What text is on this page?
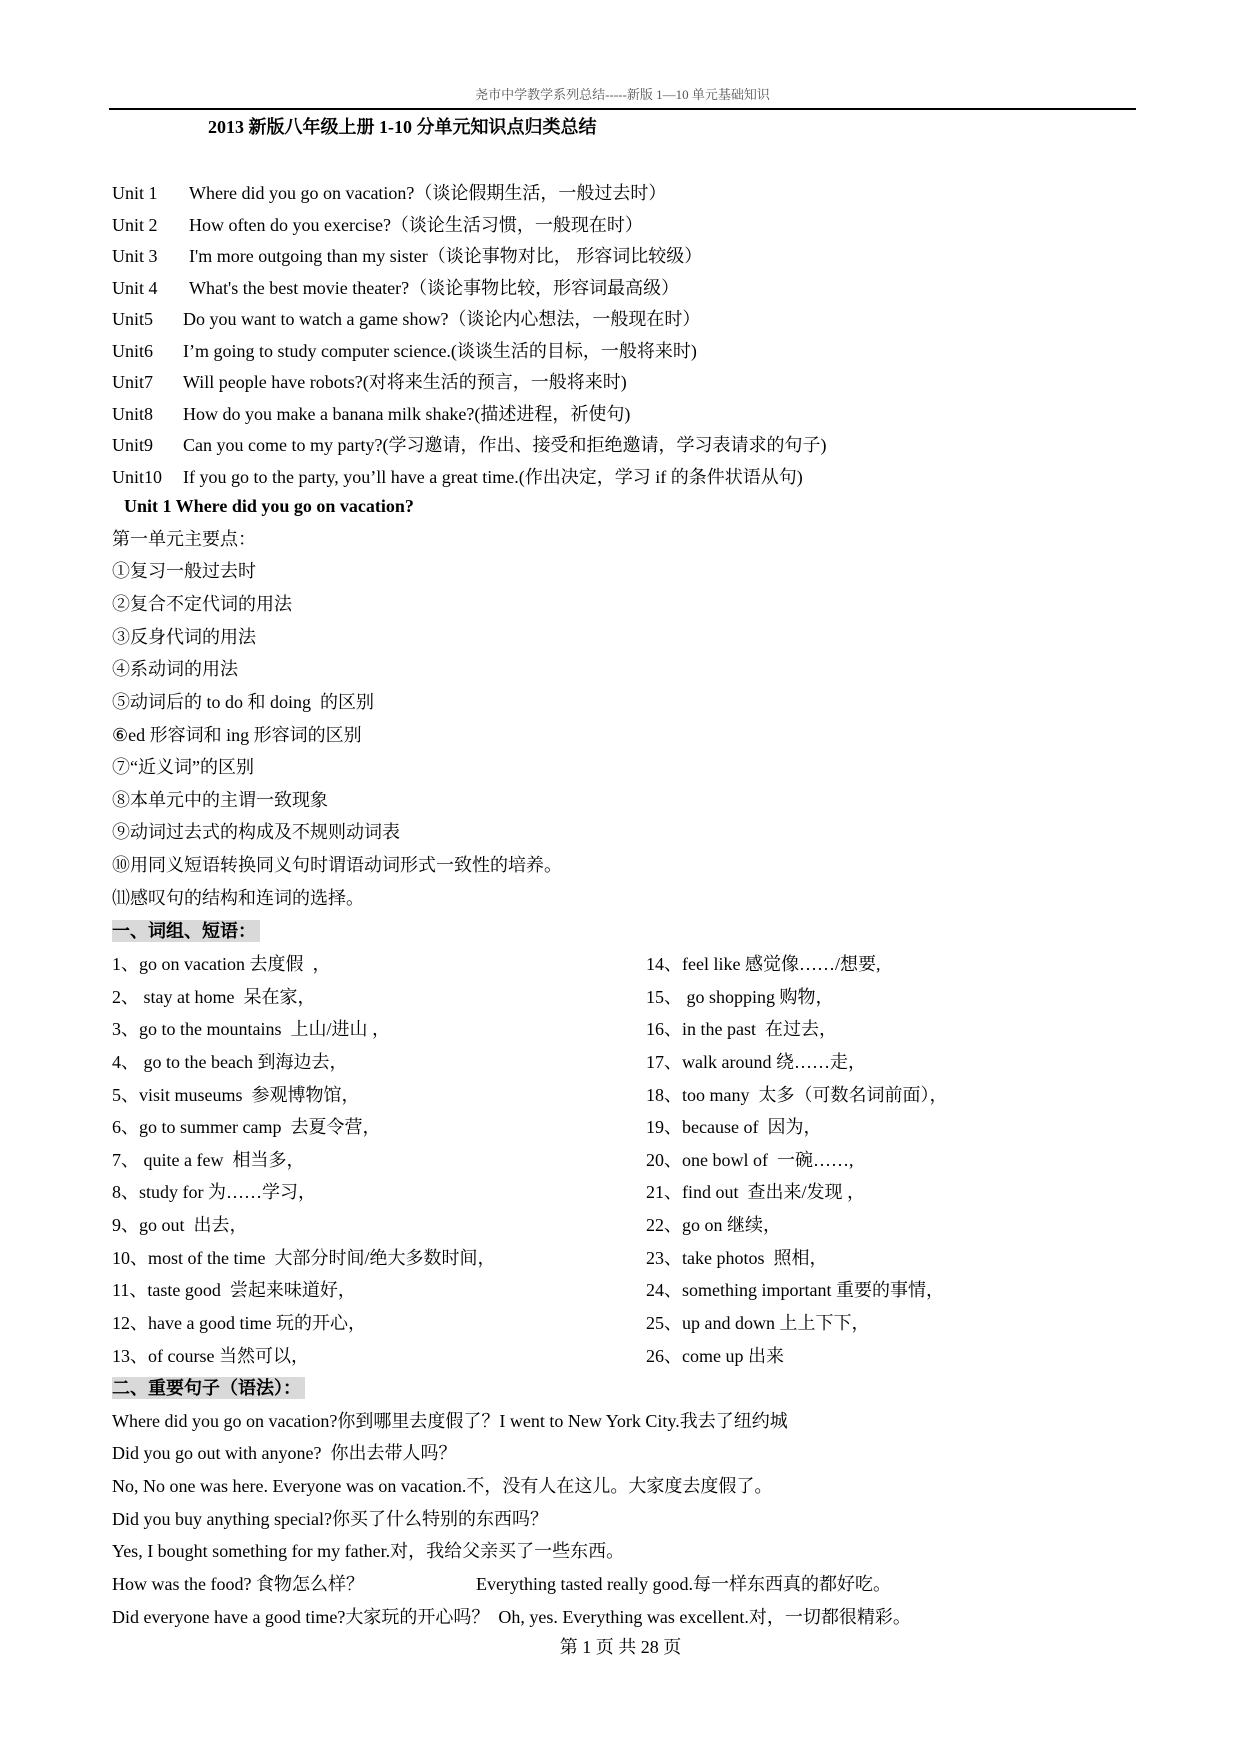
尧市中学教学系列总结-----新版 1—10 单元基础知识
2013 新版八年级上册 1-10 分单元知识点归类总结
Unit 1 Where did you go on vacation?（谈论假期生活，一般过去时）
Unit 2 How often do you exercise?（谈论生活习惯，一般现在时）
Unit 3 I'm more outgoing than my sister（谈论事物对比， 形容词比较级）
Unit 4 What's the best movie theater?（谈论事物比较，形容词最高级）
Unit5 Do you want to watch a game show?（谈论内心想法，一般现在时）
Unit6 I’m going to study computer science.(谈谈生活的目标，一般将来时)
Unit7 Will people have robots?(对将来生活的预言，一般将来时)
Unit8 How do you make a banana milk shake?(描述进程，祈使句)
Unit9 Can you come to my party?(学习邀请，作出、接受和拒绝邀请，学习表请求的句子)
Unit10 If you go to the party, you’ll have a great time.(作出决定，学习 if 的条件状语从句)
Unit 1 Where did you go on vacation?
第一单元主要点：
①复习一般过去时
②复合不定代词的用法
③反身代词的用法
④系动词的用法
⑤动词后的 to do 和 doing  的区别
⑥ed 形容词和 ing 形容词的区别
⑦“近义词”的区别
⑧本单元中的主谓一致现象
⑨动词过去式的构成及不规则动词表
⑩用同义短语转换同义句时谓语动词形式一致性的培养。
⑾感叹句的结构和连词的选择。
一、词组、短语：
1、go on vacation 去度假  ，
2、 stay at home  呆在家，
3、go to the mountains  上山/进山 ，
4、 go to the beach 到海边去，
5、visit museums  参观博物馆，
6、go to summer camp  去夏令营，
7、 quite a few  相当多，
8、study for 为……学习，
9、go out  出去，
10、most of the time  大部分时间/绝大多数时间，
11、taste good  尝起来味道好，
12、have a good time 玩的开心，
13、of course 当然可以，
14、feel like 感觉像……/想要,
15、 go shopping 购物，
16、in the past  在过去，
17、walk around 绕……走，
18、too many  太多（可数名词前面），
19、because of  因为，
20、one bowl of  一碗……,
21、find out  查出来/发现 ，
22、go on 继续，
23、take photos  照相，
24、something important 重要的事情，
25、up and down 上上下下，
26、come up 出来
二、重要句子（语法）：
Where did you go on vacation?你到哪里去度假了？I went to New York City.我去了纽约城
Did you go out with anyone?  你出去带人吗？
No, No one was here. Everyone was on vacation.不，没有人在这儿。大家度去度假了。
Did you buy anything special?你买了什么特别的东西吗？
Yes, I bought something for my father.对，我给父亲买了一些东西。
How was the food? 食物怎么样？	Everything tasted really good.每一样东西真的都好吃。
Did everyone have a good time?大家玩的开心吗？  Oh, yes. Everything was excellent.对，一切都很精彩。
第 1 页 共 28 页
